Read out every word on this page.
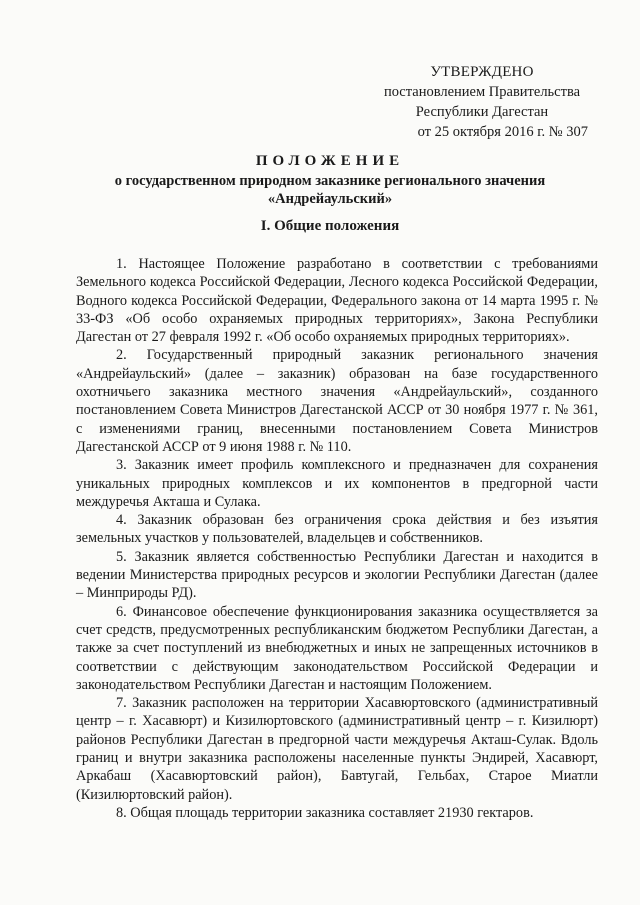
УТВЕРЖДЕНО
постановлением Правительства
Республики Дагестан
от 25 октября 2016 г. № 307
ПОЛОЖЕНИЕ
о государственном природном заказнике регионального значения
«Андрейаульский»
I. Общие положения

1. Настоящее Положение разработано в соответствии с требованиями Земельного кодекса Российской Федерации, Лесного кодекса Российской Федерации, Водного кодекса Российской Федерации, Федерального закона от 14 марта 1995 г. № 33-ФЗ «Об особо охраняемых природных территориях», Закона Республики Дагестан от 27 февраля 1992 г. «Об особо охраняемых природных территориях».

2. Государственный природный заказник регионального значения «Андрейаульский» (далее – заказник) образован на базе государственного охотничьего заказника местного значения «Андрейаульский», созданного постановлением Совета Министров Дагестанской АССР от 30 ноября 1977 г. № 361, с изменениями границ, внесенными постановлением Совета Министров Дагестанской АССР от 9 июня 1988 г. № 110.

3. Заказник имеет профиль комплексного и предназначен для сохранения уникальных природных комплексов и их компонентов в предгорной части междуречья Акташа и Сулака.

4. Заказник образован без ограничения срока действия и без изъятия земельных участков у пользователей, владельцев и собственников.

5. Заказник является собственностью Республики Дагестан и находится в ведении Министерства природных ресурсов и экологии Республики Дагестан (далее – Минприроды РД).

6. Финансовое обеспечение функционирования заказника осуществляется за счет средств, предусмотренных республиканским бюджетом Республики Дагестан, а также за счет поступлений из внебюджетных и иных не запрещенных источников в соответствии с действующим законодательством Российской Федерации и законодательством Республики Дагестан и настоящим Положением.

7. Заказник расположен на территории Хасавюртовского (административный центр – г. Хасавюрт) и Кизилюртовского (административный центр – г. Кизилюрт) районов Республики Дагестан в предгорной части междуречья Акташ-Сулак. Вдоль границ и внутри заказника расположены населенные пункты Эндирей, Хасавюрт, Аркабаш (Хасавюртовский район), Бавтугай, Гельбах, Старое Миатли (Кизилюртовский район).

8. Общая площадь территории заказника составляет 21930 гектаров.
